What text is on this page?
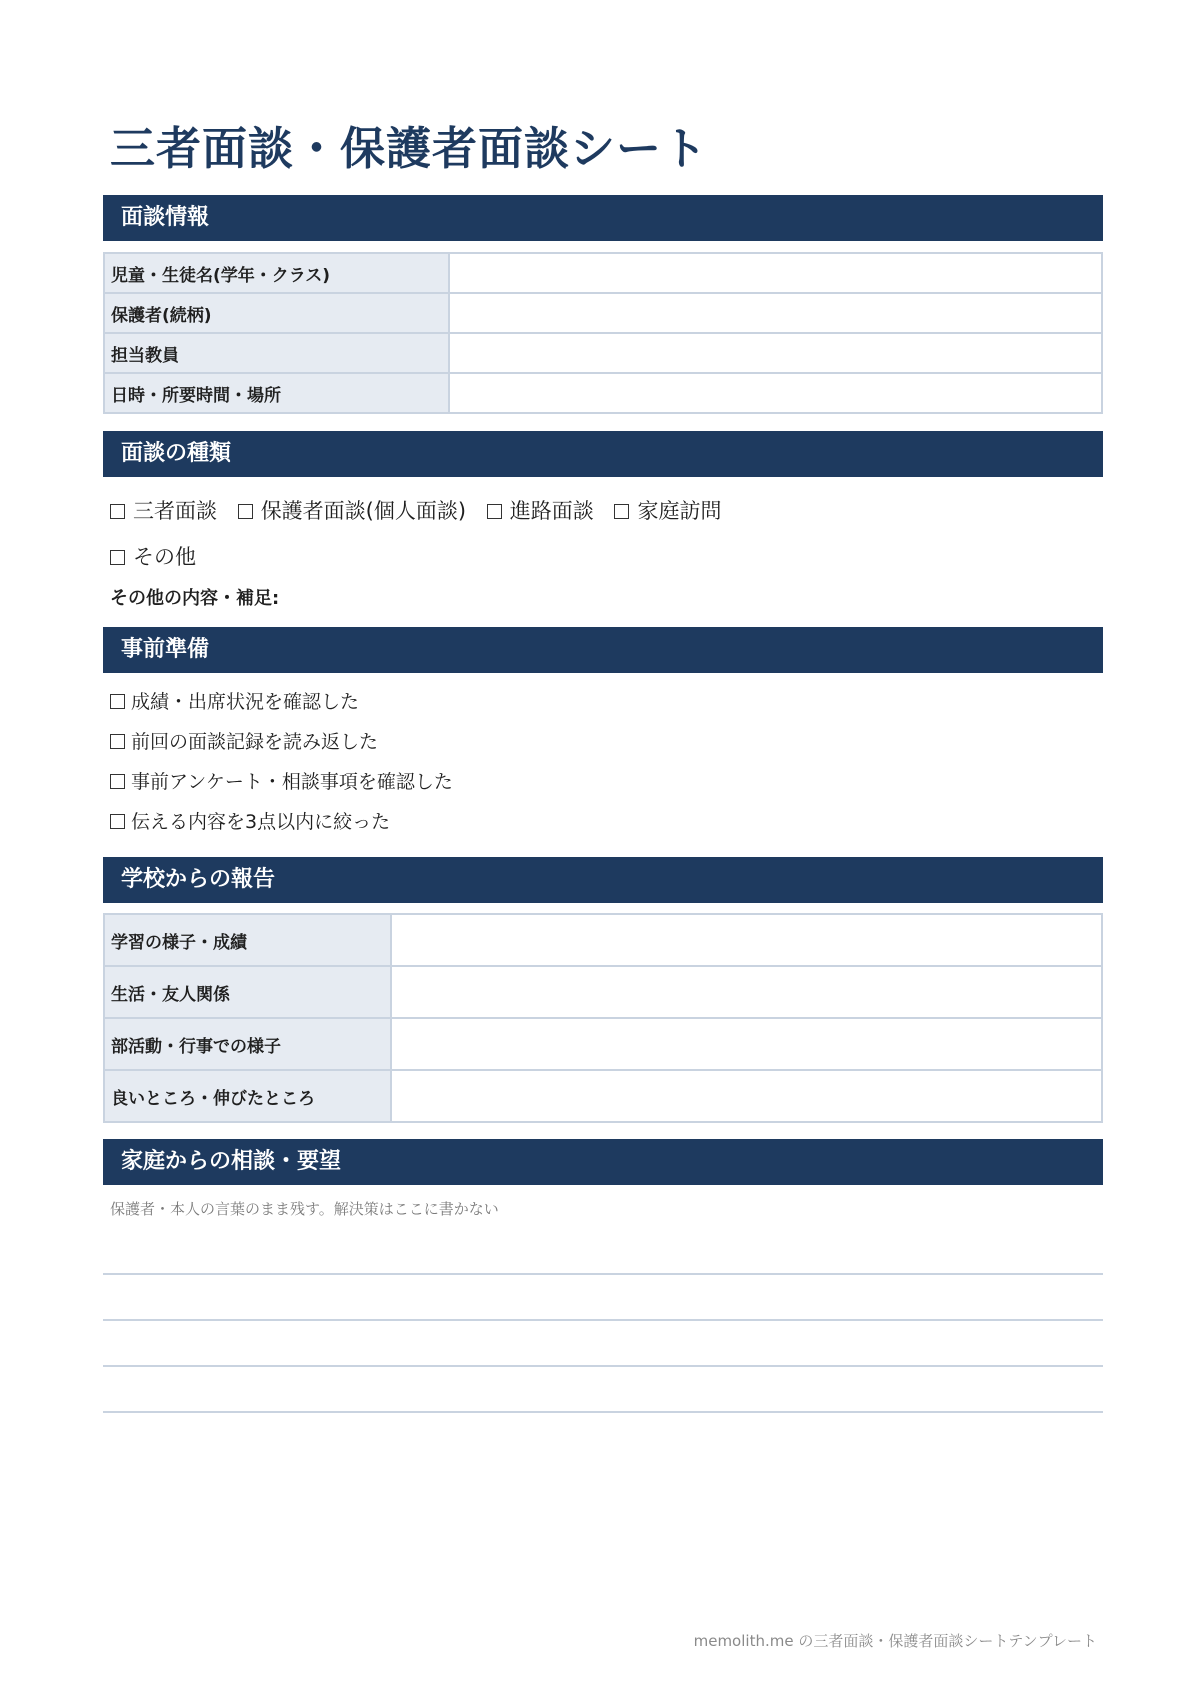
三者面談・保護者面談シート
面談情報
児童・生徒名(学年・クラス)	
保護者(続柄)	
担当教員	
日時・所要時間・場所	
面談の種類
三者面談 保護者面談(個人面談) 進路面談 家庭訪問
その他
その他の内容・補足:
事前準備
成績・出席状況を確認した
前回の面談記録を読み返した
事前アンケート・相談事項を確認した
伝える内容を3点以内に絞った
学校からの報告
学習の様子・成績	
生活・友人関係	
部活動・行事での様子	
良いところ・伸びたところ	
家庭からの相談・要望
保護者・本人の言葉のまま残す。解決策はここに書かない
memolith.me の三者面談・保護者面談シートテンプレート
